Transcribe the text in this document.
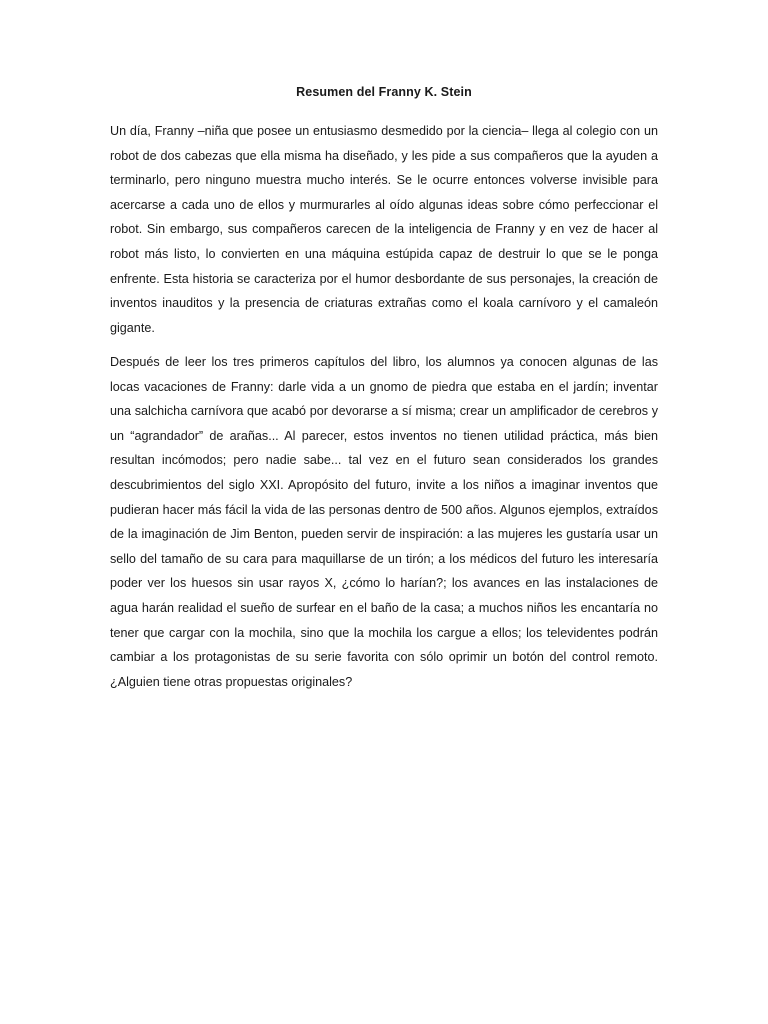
Resumen del Franny K. Stein

Un día, Franny –niña que posee un entusiasmo desmedido por la ciencia– llega al colegio con un robot de dos cabezas que ella misma ha diseñado, y les pide a sus compañeros que la ayuden a terminarlo, pero ninguno muestra mucho interés. Se le ocurre entonces volverse invisible para acercarse a cada uno de ellos y murmurarles al oído algunas ideas sobre cómo perfeccionar el robot. Sin embargo, sus compañeros carecen de la inteligencia de Franny y en vez de hacer al robot más listo, lo convierten en una máquina estúpida capaz de destruir lo que se le ponga enfrente. Esta historia se caracteriza por el humor desbordante de sus personajes, la creación de inventos inauditos y la presencia de criaturas extrañas como el koala carnívoro y el camaleón gigante.

Después de leer los tres primeros capítulos del libro, los alumnos ya conocen algunas de las locas vacaciones de Franny: darle vida a un gnomo de piedra que estaba en el jardín; inventar una salchicha carnívora que acabó por devorarse a sí misma; crear un amplificador de cerebros y un “agrandador” de arañas... Al parecer, estos inventos no tienen utilidad práctica, más bien resultan incómodos; pero nadie sabe... tal vez en el futuro sean considerados los grandes descubrimientos del siglo XXI. Apropósito del futuro, invite a los niños a imaginar inventos que pudieran hacer más fácil la vida de las personas dentro de 500 años. Algunos ejemplos, extraídos de la imaginación de Jim Benton, pueden servir de inspiración: a las mujeres les gustaría usar un sello del tamaño de su cara para maquillarse de un tirón; a los médicos del futuro les interesaría poder ver los huesos sin usar rayos X, ¿cómo lo harían?; los avances en las instalaciones de agua harán realidad el sueño de surfear en el baño de la casa; a muchos niños les encantaría no tener que cargar con la mochila, sino que la mochila los cargue a ellos; los televidentes podrán cambiar a los protagonistas de su serie favorita con sólo oprimir un botón del control remoto. ¿Alguien tiene otras propuestas originales?
